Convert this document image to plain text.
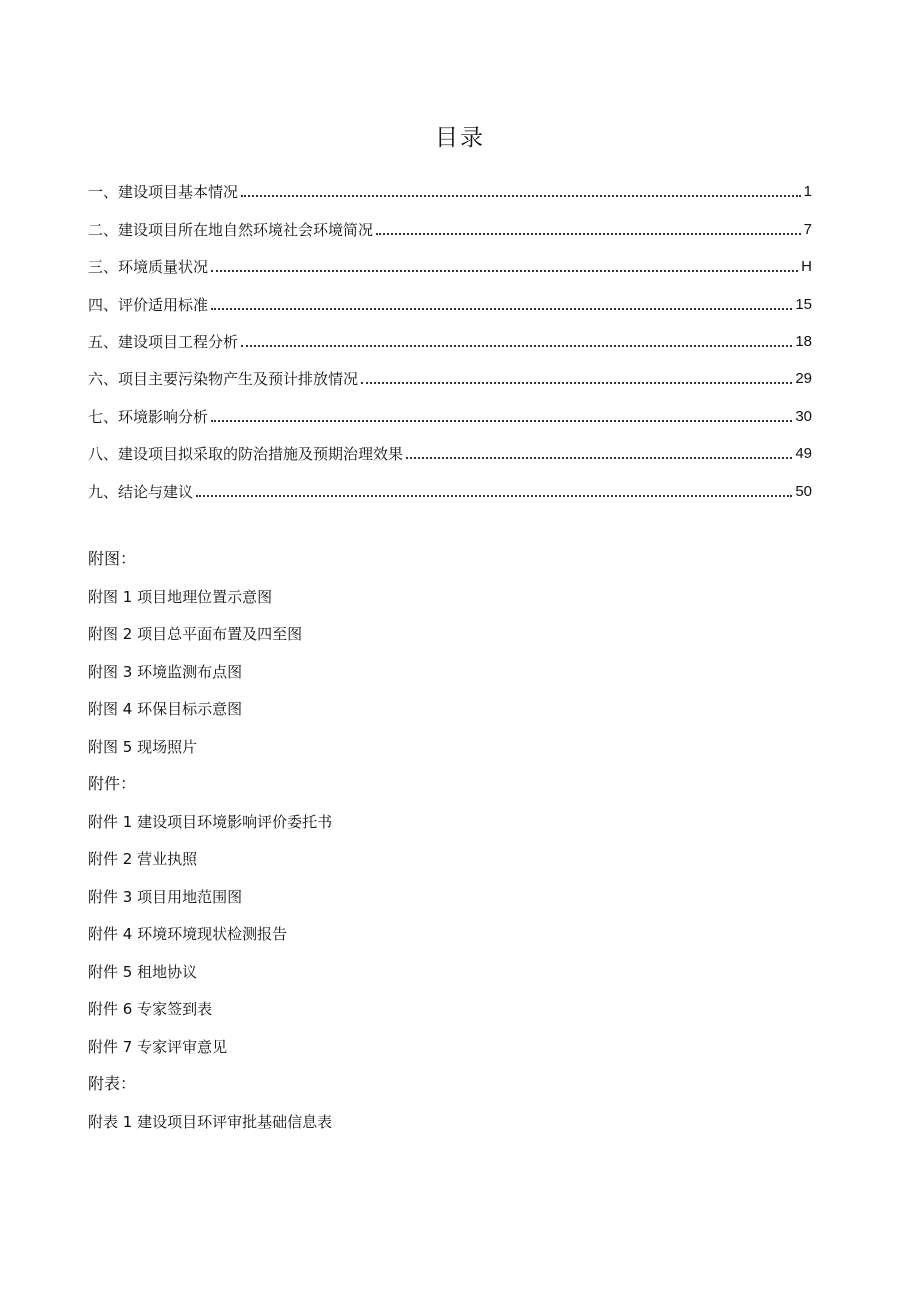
目录
一、建设项目基本情况	1
二、建设项目所在地自然环境社会环境简况	7
三、环境质量状况	H
四、评价适用标准	15
五、建设项目工程分析	18
六、项目主要污染物产生及预计排放情况	29
七、环境影响分析	30
八、建设项目拟采取的防治措施及预期治理效果	49
九、结论与建议	50
附图：
附图 1 项目地理位置示意图
附图 2 项目总平面布置及四至图
附图 3 环境监测布点图
附图 4 环保目标示意图
附图 5 现场照片
附件：
附件 1 建设项目环境影响评价委托书
附件 2 营业执照
附件 3 项目用地范围图
附件 4 环境环境现状检测报告
附件 5 租地协议
附件 6 专家签到表
附件 7 专家评审意见
附表：
附表 1 建设项目环评审批基础信息表
